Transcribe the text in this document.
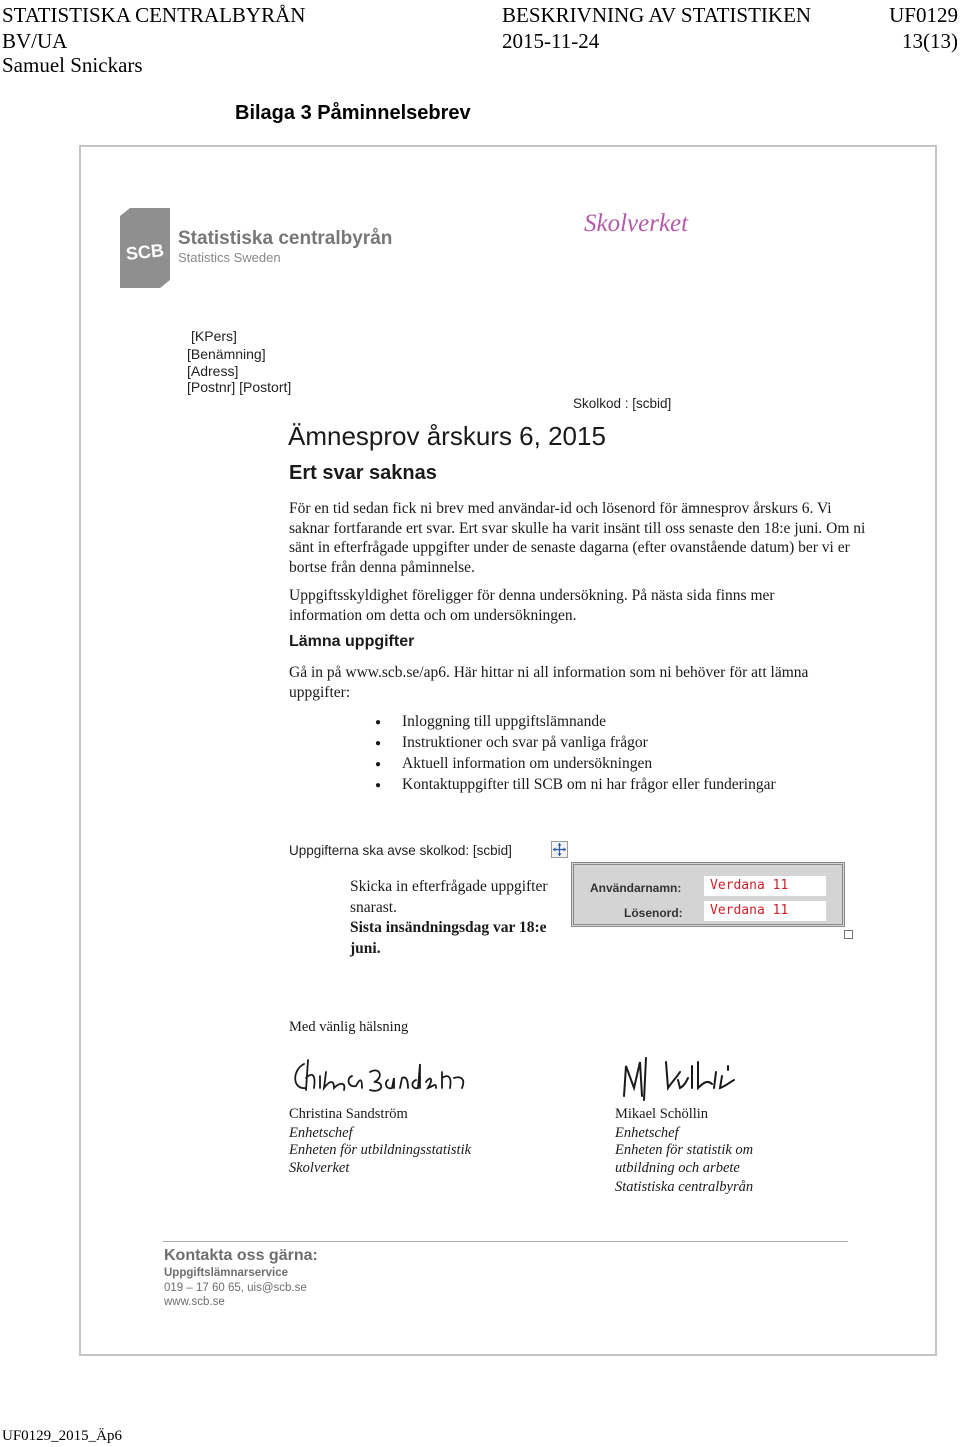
STATISTISKA CENTRALBYRÅN	BESKRIVNING AV STATISTIKEN	UF0129
BV/UA	2015-11-24	13(13)
Samuel Snickars
Bilaga 3 Påminnelsebrev
SCB
Statistiska centralbyrån
Statistics Sweden
Skolverket
[KPers]
[Benämning]
[Adress]
[Postnr] [Postort]
Skolkod : [scbid]
Ämnesprov årskurs 6, 2015
Ert svar saknas
För en tid sedan fick ni brev med användar-id och lösenord för ämnesprov årskurs 6. Vi saknar fortfarande ert svar. Ert svar skulle ha varit insänt till oss senaste den 18:e juni. Om ni sänt in efterfrågade uppgifter under de senaste dagarna (efter ovanstående datum) ber vi er bortse från denna påminnelse.
Uppgiftsskyldighet föreligger för denna undersökning. På nästa sida finns mer information om detta och om undersökningen.
Lämna uppgifter
Gå in på www.scb.se/ap6. Här hittar ni all information som ni behöver för att lämna uppgifter:
● Inloggning till uppgiftslämnande
● Instruktioner och svar på vanliga frågor
● Aktuell information om undersökningen
● Kontaktuppgifter till SCB om ni har frågor eller funderingar
Uppgifterna ska avse skolkod: [scbid]
Skicka in efterfrågade uppgifter snarast.
Sista insändningsdag var 18:e juni.
Användarnamn:	Verdana 11
Lösenord:	Verdana 11
Med vänlig hälsning
Christina Sandström
Enhetschef
Enheten för utbildningsstatistik
Skolverket
Mikael Schöllin
Enhetschef
Enheten för statistik om utbildning och arbete
Statistiska centralbyrån
Kontakta oss gärna:
Uppgiftslämnarservice
019 – 17 60 65, uis@scb.se
www.scb.se
UF0129_2015_Äp6
